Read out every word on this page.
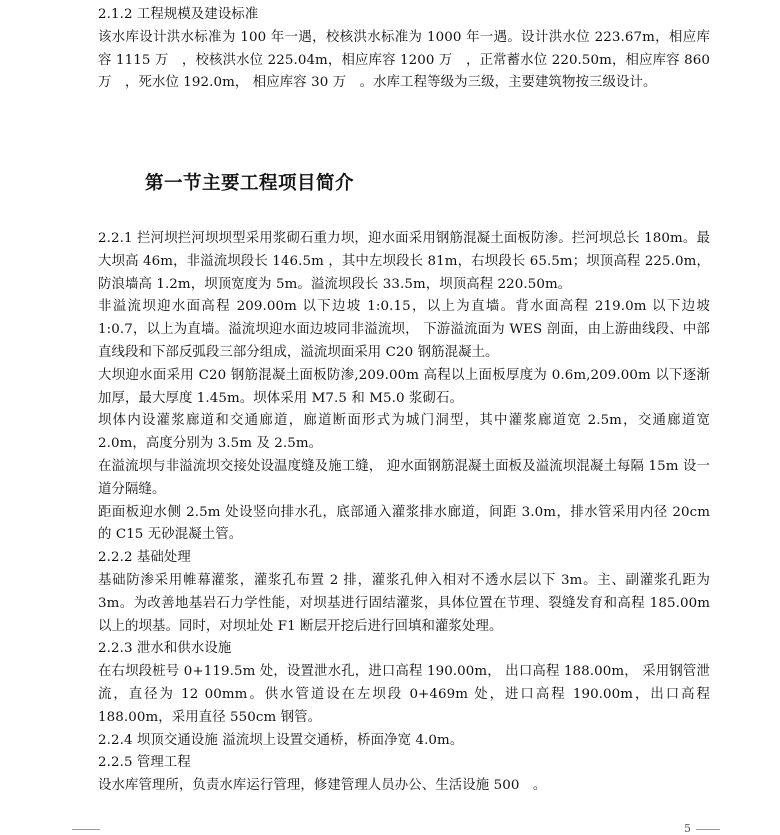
2.1.2 工程规模及建设标准

该水库设计洪水标准为 100 年一遇，校核洪水标准为 1000 年一遇。设计洪水位 223.67m，相应库容 1115 万　，校核洪水位 225.04m，相应库容 1200 万　，正常蓄水位 220.50m，相应库容 860 万　，死水位 192.0m， 相应库容 30 万　。水库工程等级为三级，主要建筑物按三级设计。

第一节主要工程项目简介

2.2.1 拦河坝拦河坝坝型采用浆砌石重力坝，迎水面采用钢筋混凝土面板防渗。拦河坝总长 180m。最大坝高 46m，非溢流坝段长 146.5m ，其中左坝段长 81m，右坝段长 65.5m；坝顶高程 225.0m，防浪墙高 1.2m，坝顶宽度为 5m。溢流坝段长 33.5m，坝顶高程 220.50m。

非溢流坝迎水面高程 209.00m 以下边坡 1:0.15，以上为直墙。背水面高程 219.0m 以下边坡 1:0.7，以上为直墙。溢流坝迎水面边坡同非溢流坝， 下游溢流面为 WES 剖面，由上游曲线段、中部直线段和下部反弧段三部分组成，溢流坝面采用 C20 钢筋混凝土。

大坝迎水面采用 C20 钢筋混凝土面板防渗,209.00m 高程以上面板厚度为 0.6m,209.00m 以下逐渐加厚，最大厚度 1.45m。坝体采用 M7.5 和 M5.0 浆砌石。

坝体内设灌浆廊道和交通廊道，廊道断面形式为城门洞型，其中灌浆廊道宽 2.5m，交通廊道宽 2.0m，高度分别为 3.5m 及 2.5m。

在溢流坝与非溢流坝交接处设温度缝及施工缝， 迎水面钢筋混凝土面板及溢流坝混凝土每隔 15m 设一道分隔缝。

距面板迎水侧 2.5m 处设竖向排水孔，底部通入灌浆排水廊道，间距 3.0m，排水管采用内径 20cm 的 C15 无砂混凝土管。

2.2.2 基础处理

基础防渗采用帷幕灌浆，灌浆孔布置 2 排，灌浆孔伸入相对不透水层以下 3m。主、副灌浆孔距为 3m。为改善地基岩石力学性能，对坝基进行固结灌浆，具体位置在节理、裂缝发育和高程 185.00m 以上的坝基。同时，对坝址处 F1 断层开挖后进行回填和灌浆处理。

2.2.3 泄水和供水设施

在右坝段桩号 0+119.5m 处，设置泄水孔，进口高程 190.00m， 出口高程 188.00m， 采用钢管泄流，直径为 12 00mm。供水管道设在左坝段 0+469m 处，进口高程 190.00m，出口高程 188.00m，采用直径 550cm 钢管。

2.2.4 坝顶交通设施 溢流坝上设置交通桥，桥面净宽 4.0m。

2.2.5 管理工程

设水库管理所，负责水库运行管理，修建管理人员办公、生活设施 500　。

5
